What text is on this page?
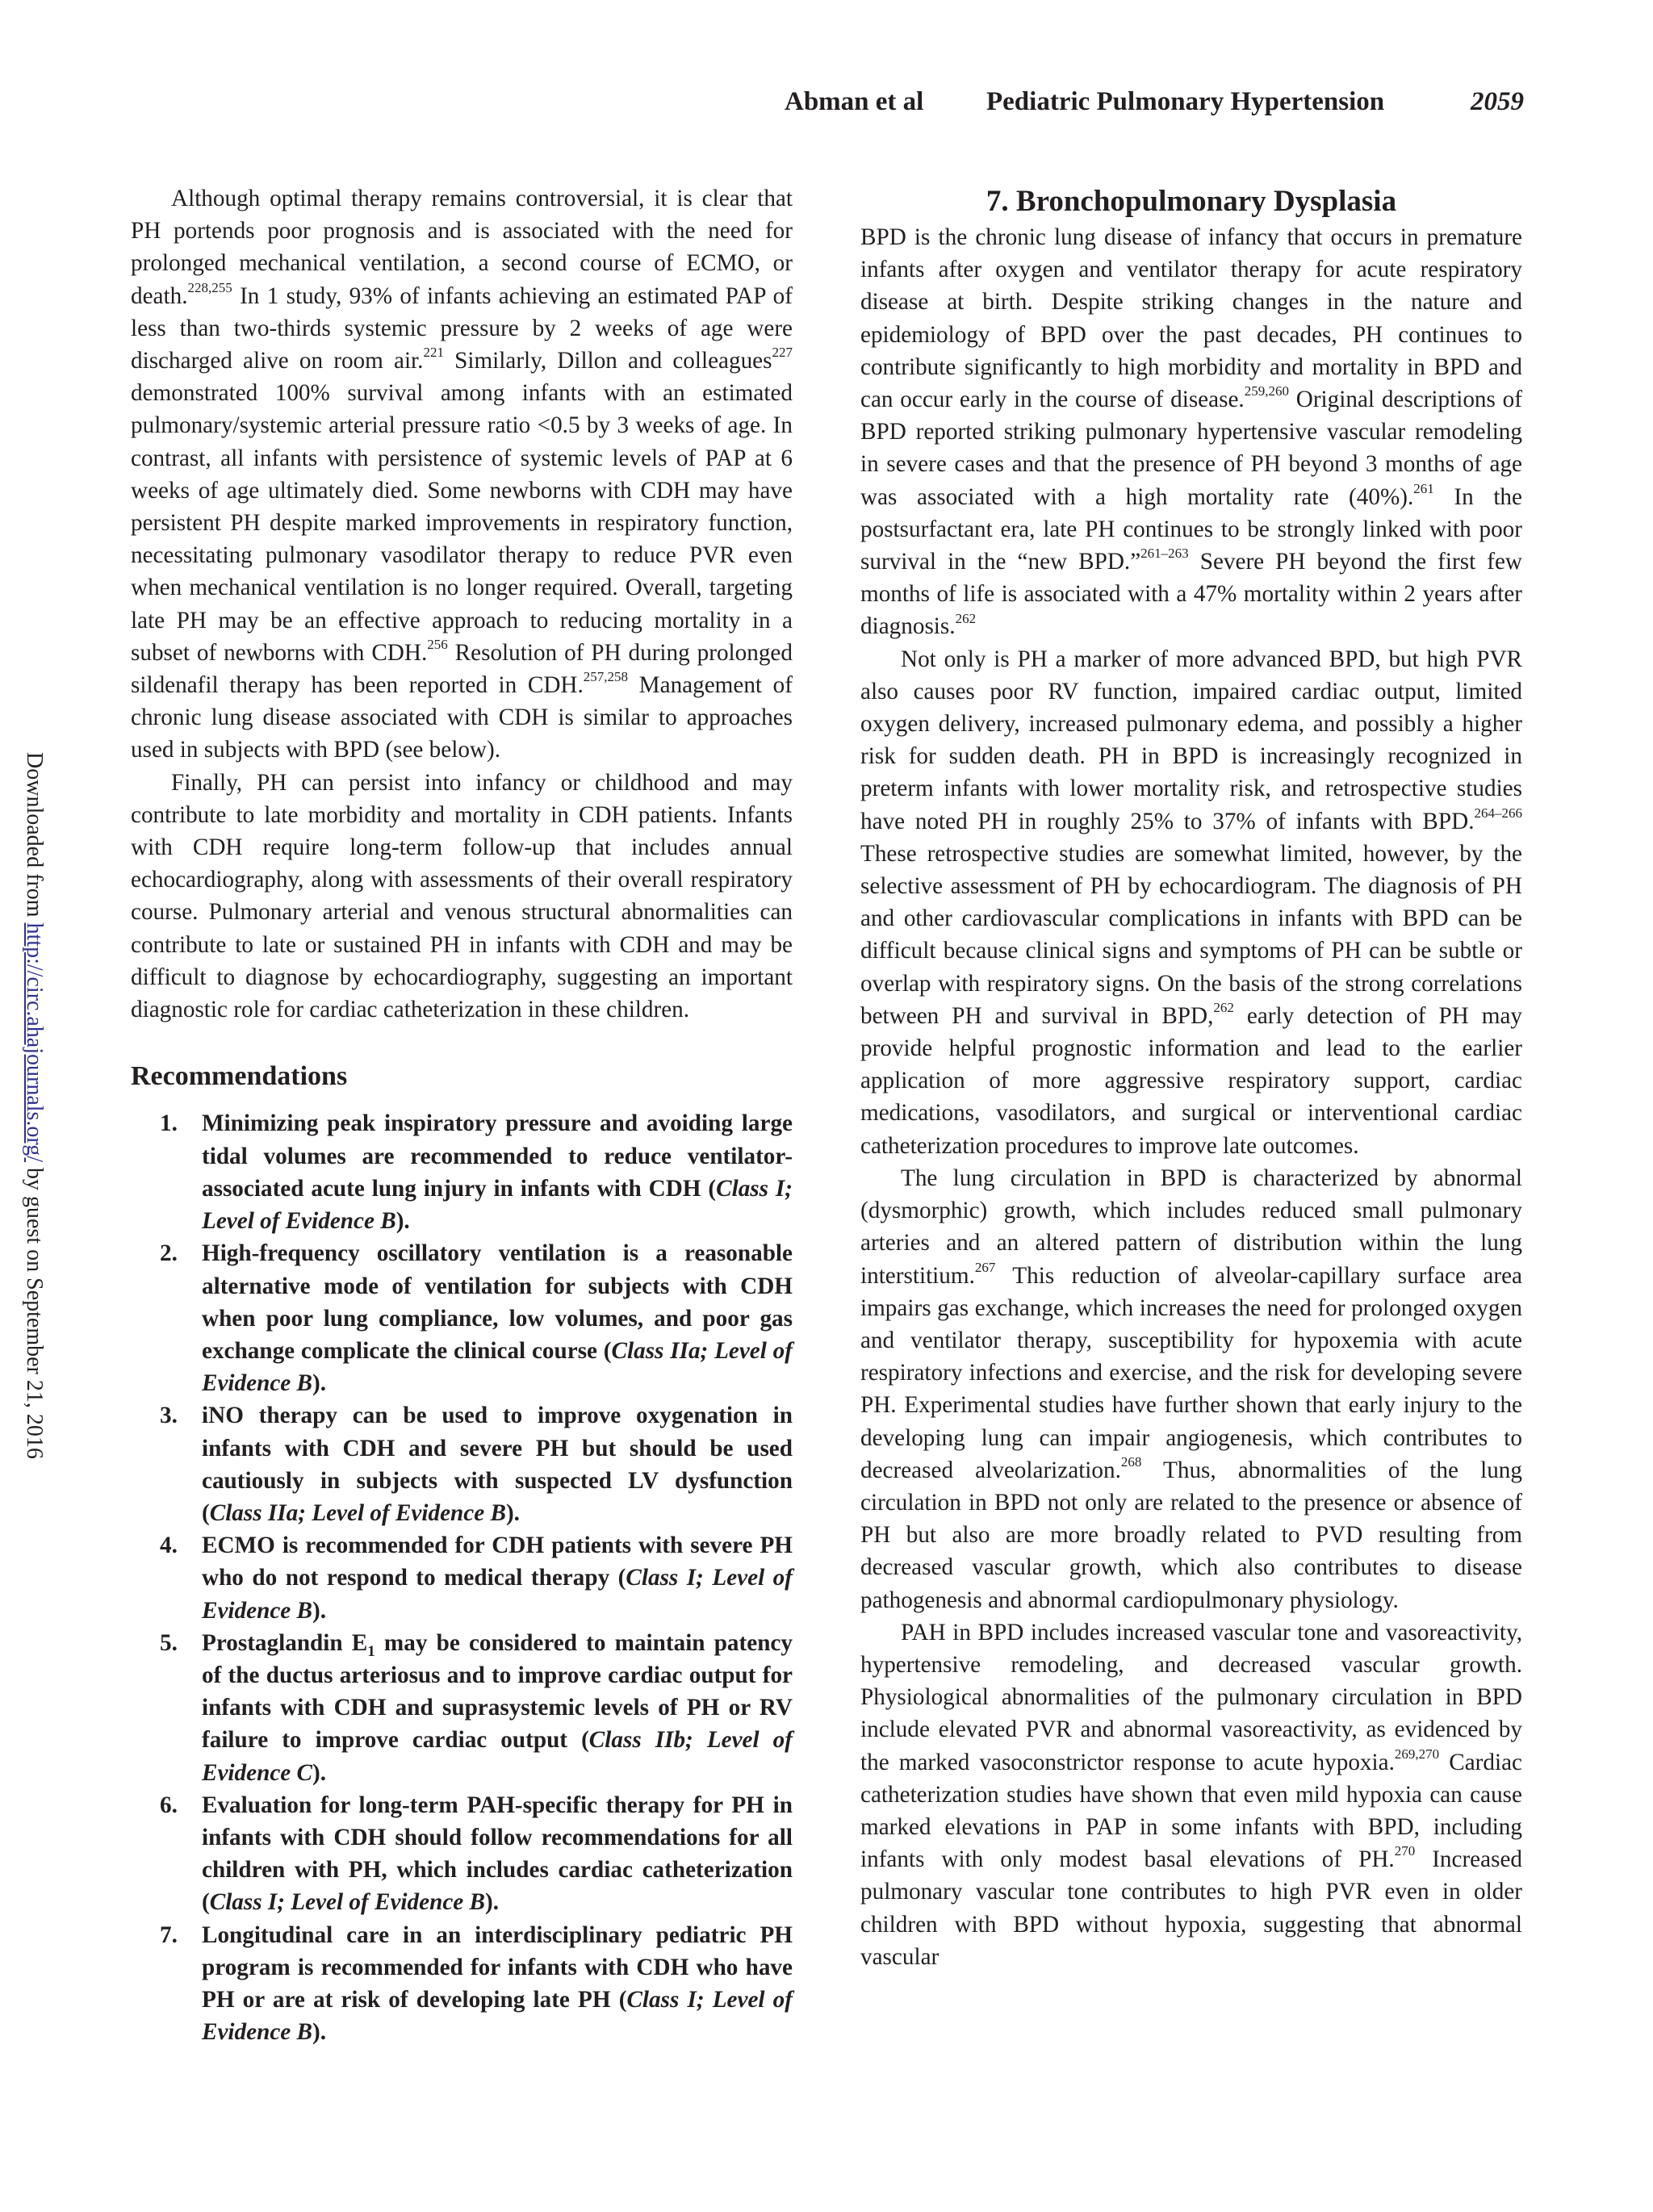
Abman et al Pediatric Pulmonary Hypertension	2059
Downloaded from http://circ.ahajournals.org/ by guest on September 21, 2016

Although optimal therapy remains controversial, it is clear that PH portends poor prognosis and is associated with the need for prolonged mechanical ventilation, a second course of ECMO, or death.$^{228,255}$ In 1 study, 93% of infants achieving an estimated PAP of less than two-thirds systemic pressure by 2 weeks of age were discharged alive on room air.$^{221}$ Similarly, Dillon and colleagues$^{227}$ demonstrated 100% survival among infants with an estimated pulmonary/systemic arterial pressure ratio <0.5 by 3 weeks of age. In contrast, all infants with persistence of systemic levels of PAP at 6 weeks of age ultimately died. Some newborns with CDH may have persistent PH despite marked improvements in respiratory function, necessitating pulmonary vasodilator therapy to reduce PVR even when mechanical ventilation is no longer required. Overall, targeting late PH may be an effective approach to reducing mortality in a subset of newborns with CDH.$^{256}$ Resolution of PH during prolonged sildenafil therapy has been reported in CDH.$^{257,258}$ Management of chronic lung disease associated with CDH is similar to approaches used in subjects with BPD (see below).

Finally, PH can persist into infancy or childhood and may contribute to late morbidity and mortality in CDH patients. Infants with CDH require long-term follow-up that includes annual echocardiography, along with assessments of their overall respiratory course. Pulmonary arterial and venous structural abnormalities can contribute to late or sustained PH in infants with CDH and may be difficult to diagnose by echocardiography, suggesting an important diagnostic role for cardiac catheterization in these children.

Recommendations
1. Minimizing peak inspiratory pressure and avoiding large tidal volumes are recommended to reduce ventilator-associated acute lung injury in infants with CDH (Class I; Level of Evidence B).
2. High-frequency oscillatory ventilation is a reasonable alternative mode of ventilation for subjects with CDH when poor lung compliance, low volumes, and poor gas exchange complicate the clinical course (Class IIa; Level of Evidence B).
3. iNO therapy can be used to improve oxygenation in infants with CDH and severe PH but should be used cautiously in subjects with suspected LV dysfunction (Class IIa; Level of Evidence B).
4. ECMO is recommended for CDH patients with severe PH who do not respond to medical therapy (Class I; Level of Evidence B).
5. Prostaglandin $E_1$ may be considered to maintain patency of the ductus arteriosus and to improve cardiac output for infants with CDH and suprasystemic levels of PH or RV failure to improve cardiac output (Class IIb; Level of Evidence C).
6. Evaluation for long-term PAH-specific therapy for PH in infants with CDH should follow recommendations for all children with PH, which includes cardiac catheterization (Class I; Level of Evidence B).
7. Longitudinal care in an interdisciplinary pediatric PH program is recommended for infants with CDH who have PH or are at risk of developing late PH (Class I; Level of Evidence B).
7. Bronchopulmonary Dysplasia

BPD is the chronic lung disease of infancy that occurs in premature infants after oxygen and ventilator therapy for acute respiratory disease at birth. Despite striking changes in the nature and epidemiology of BPD over the past decades, PH continues to contribute significantly to high morbidity and mortality in BPD and can occur early in the course of disease.$^{259,260}$ Original descriptions of BPD reported striking pulmonary hypertensive vascular remodeling in severe cases and that the presence of PH beyond 3 months of age was associated with a high mortality rate (40%).$^{261}$ In the postsurfactant era, late PH continues to be strongly linked with poor survival in the “new BPD.”$^{261-263}$ Severe PH beyond the first few months of life is associated with a 47% mortality within 2 years after diagnosis.$^{262}$

Not only is PH a marker of more advanced BPD, but high PVR also causes poor RV function, impaired cardiac output, limited oxygen delivery, increased pulmonary edema, and possibly a higher risk for sudden death. PH in BPD is increasingly recognized in preterm infants with lower mortality risk, and retrospective studies have noted PH in roughly 25% to 37% of infants with BPD.$^{264-266}$ These retrospective studies are somewhat limited, however, by the selective assessment of PH by echocardiogram. The diagnosis of PH and other cardiovascular complications in infants with BPD can be difficult because clinical signs and symptoms of PH can be subtle or overlap with respiratory signs. On the basis of the strong correlations between PH and survival in BPD,$^{262}$ early detection of PH may provide helpful prognostic information and lead to the earlier application of more aggressive respiratory support, cardiac medications, vasodilators, and surgical or interventional cardiac catheterization procedures to improve late outcomes.

The lung circulation in BPD is characterized by abnormal (dysmorphic) growth, which includes reduced small pulmonary arteries and an altered pattern of distribution within the lung interstitium.$^{267}$ This reduction of alveolar-capillary surface area impairs gas exchange, which increases the need for prolonged oxygen and ventilator therapy, susceptibility for hypoxemia with acute respiratory infections and exercise, and the risk for developing severe PH. Experimental studies have further shown that early injury to the developing lung can impair angiogenesis, which contributes to decreased alveolarization.$^{268}$ Thus, abnormalities of the lung circulation in BPD not only are related to the presence or absence of PH but also are more broadly related to PVD resulting from decreased vascular growth, which also contributes to disease pathogenesis and abnormal cardiopulmonary physiology.

PAH in BPD includes increased vascular tone and vasoreactivity, hypertensive remodeling, and decreased vascular growth. Physiological abnormalities of the pulmonary circulation in BPD include elevated PVR and abnormal vasoreactivity, as evidenced by the marked vasoconstrictor response to acute hypoxia.$^{269,270}$ Cardiac catheterization studies have shown that even mild hypoxia can cause marked elevations in PAP in some infants with BPD, including infants with only modest basal elevations of PH.$^{270}$ Increased pulmonary vascular tone contributes to high PVR even in older children with BPD without hypoxia, suggesting that abnormal vascular
